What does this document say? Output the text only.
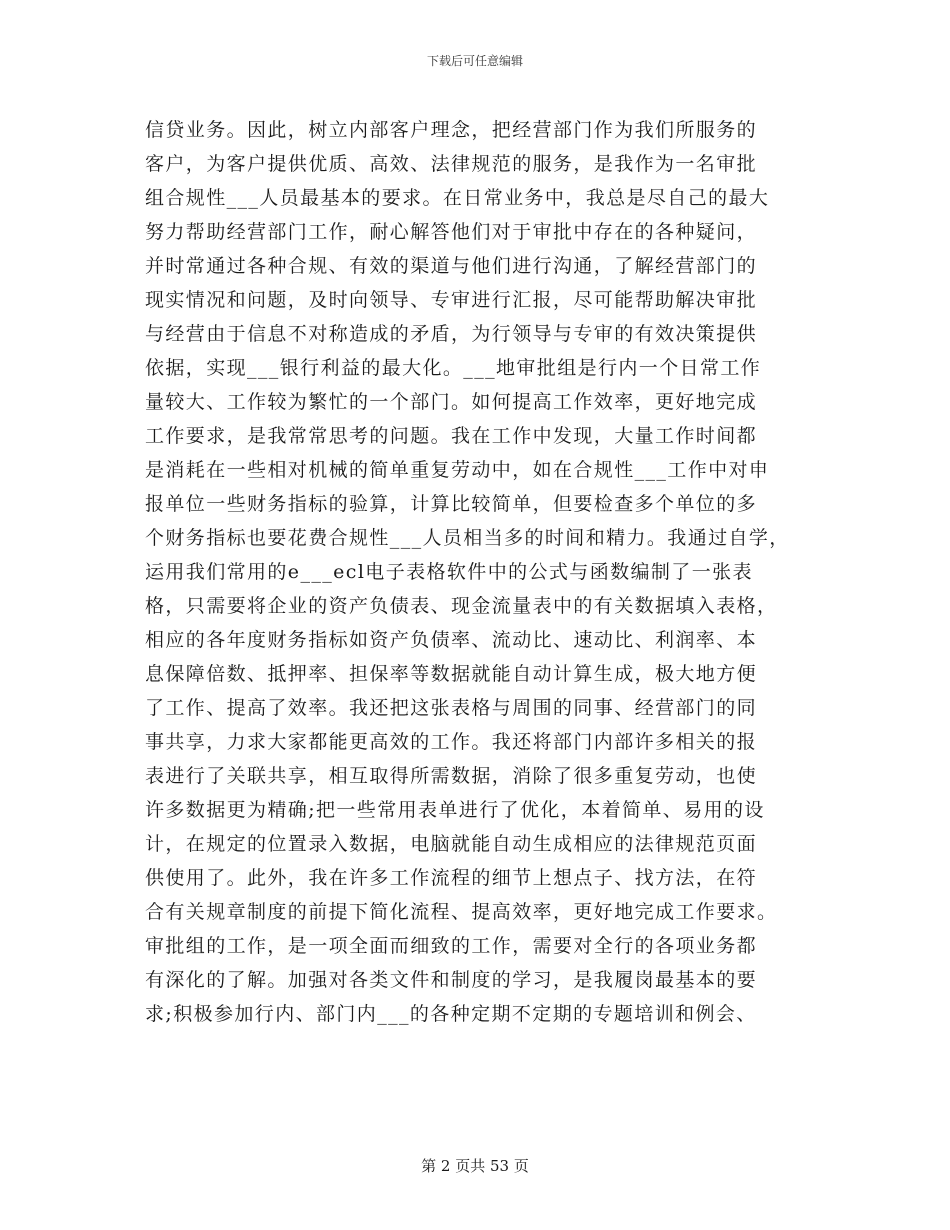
下载后可任意编辑
信贷业务。因此，树立内部客户理念，把经营部门作为我们所服务的
客户，为客户提供优质、高效、法律规范的服务，是我作为一名审批
组合规性___人员最基本的要求。在日常业务中，我总是尽自己的最大
努力帮助经营部门工作，耐心解答他们对于审批中存在的各种疑问，
并时常通过各种合规、有效的渠道与他们进行沟通，了解经营部门的
现实情况和问题，及时向领导、专审进行汇报，尽可能帮助解决审批
与经营由于信息不对称造成的矛盾，为行领导与专审的有效决策提供
依据，实现___银行利益的最大化。___地审批组是行内一个日常工作
量较大、工作较为繁忙的一个部门。如何提高工作效率，更好地完成
工作要求，是我常常思考的问题。我在工作中发现，大量工作时间都
是消耗在一些相对机械的简单重复劳动中，如在合规性___工作中对申
报单位一些财务指标的验算，计算比较简单，但要检查多个单位的多
个财务指标也要花费合规性___人员相当多的时间和精力。我通过自学，
运用我们常用的e___ecl电子表格软件中的公式与函数编制了一张表
格，只需要将企业的资产负债表、现金流量表中的有关数据填入表格，
相应的各年度财务指标如资产负债率、流动比、速动比、利润率、本
息保障倍数、抵押率、担保率等数据就能自动计算生成，极大地方便
了工作、提高了效率。我还把这张表格与周围的同事、经营部门的同
事共享，力求大家都能更高效的工作。我还将部门内部许多相关的报
表进行了关联共享，相互取得所需数据，消除了很多重复劳动，也使
许多数据更为精确;把一些常用表单进行了优化，本着简单、易用的设
计，在规定的位置录入数据，电脑就能自动生成相应的法律规范页面
供使用了。此外，我在许多工作流程的细节上想点子、找方法，在符
合有关规章制度的前提下简化流程、提高效率，更好地完成工作要求。
审批组的工作，是一项全面而细致的工作，需要对全行的各项业务都
有深化的了解。加强对各类文件和制度的学习，是我履岗最基本的要
求;积极参加行内、部门内___的各种定期不定期的专题培训和例会、
第 2 页共 53 页
